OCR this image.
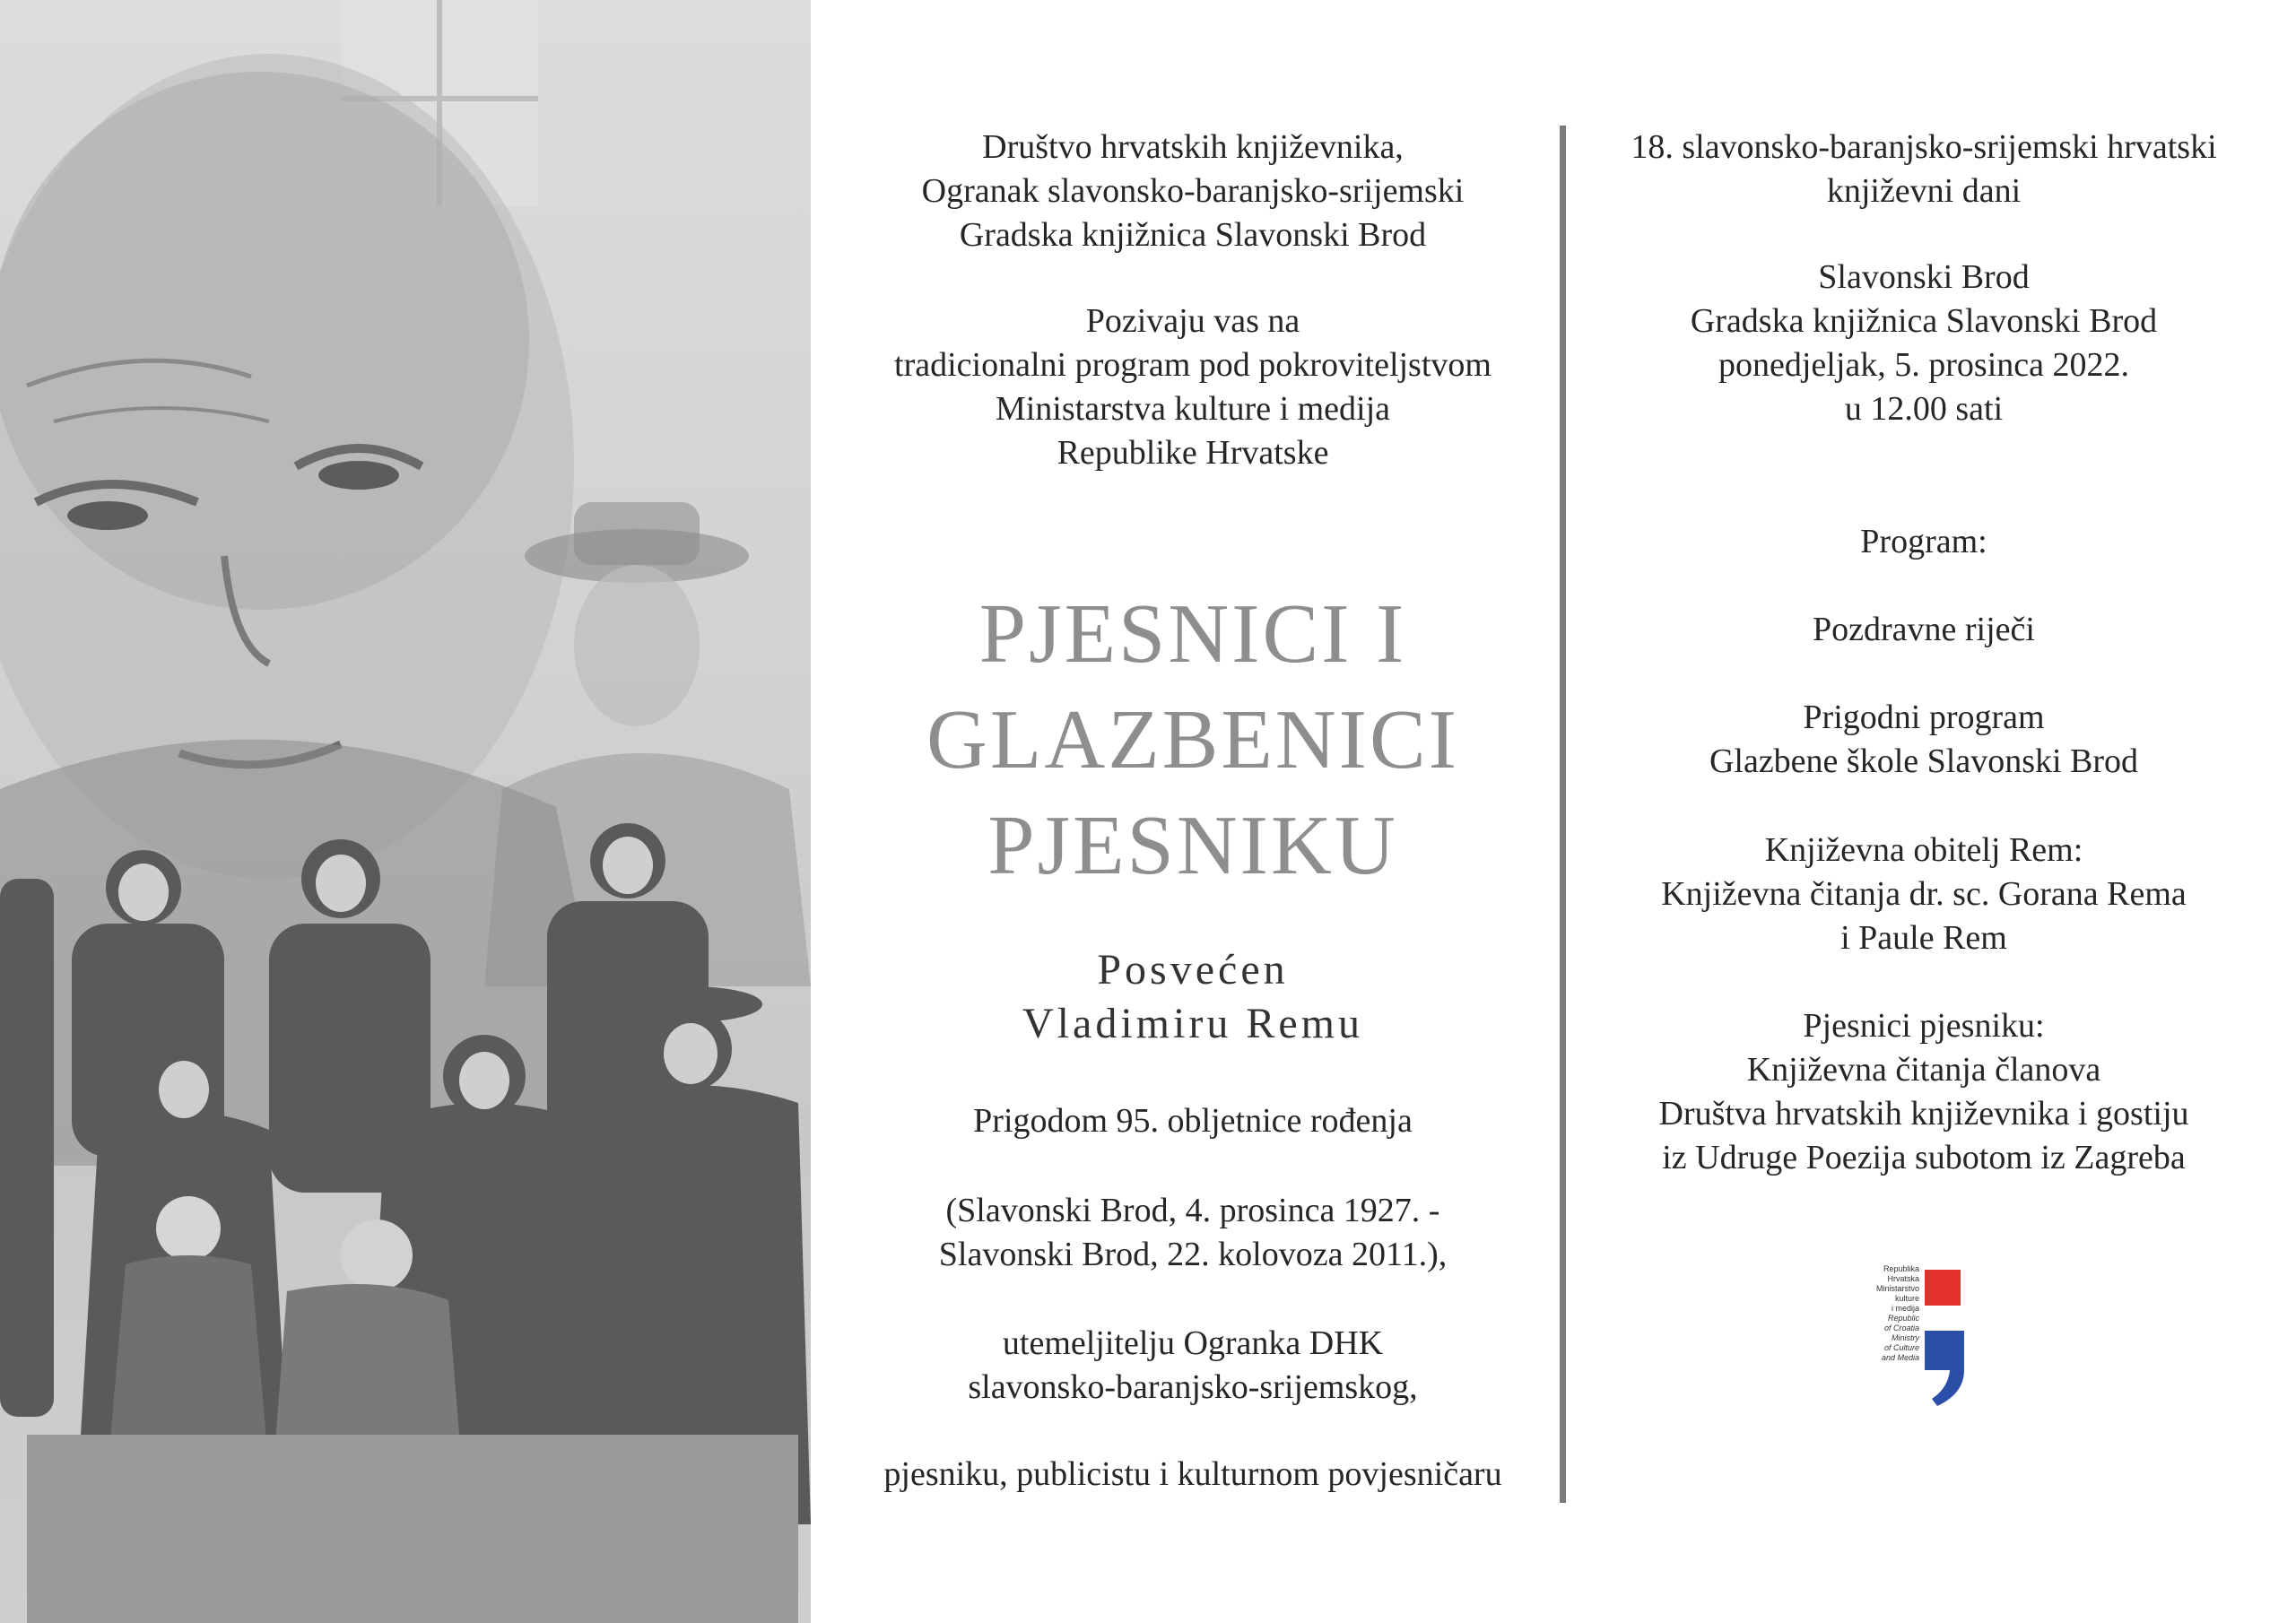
Društvo hrvatskih književnika,

Ogranak slavonsko-baranjsko-srijemski

Gradska knjižnica Slavonski Brod

Pozivaju vas na

tradicionalni program pod pokroviteljstvom

Ministarstva kulture i medija

Republike Hrvatske

PJESNICI I

GLAZBENICI

PJESNIKU

Posvećen

Vladimiru Remu

Prigodom 95. obljetnice rođenja

(Slavonski Brod, 4. prosinca 1927. -

Slavonski Brod, 22. kolovoza 2011.),

utemeljitelju Ogranka DHK

slavonsko-baranjsko-srijemskog,

pjesniku, publicistu i kulturnom povjesničaru

18. slavonsko-baranjsko-srijemski hrvatski

književni dani

Slavonski Brod

Gradska knjižnica Slavonski Brod

ponedjeljak, 5. prosinca 2022.

u 12.00 sati

Program:

Pozdravne riječi

Prigodni program

Glazbene škole Slavonski Brod

Književna obitelj Rem:

Književna čitanja dr. sc. Gorana Rema

i Paule Rem

Pjesnici pjesniku:

Književna čitanja članova

Društva hrvatskih književnika i gostiju

iz Udruge Poezija subotom iz Zagreba

Republika

Hrvatska

Ministarstvo

kulture

i medija

Republic

of Croatia

Ministry

of Culture

and Media
